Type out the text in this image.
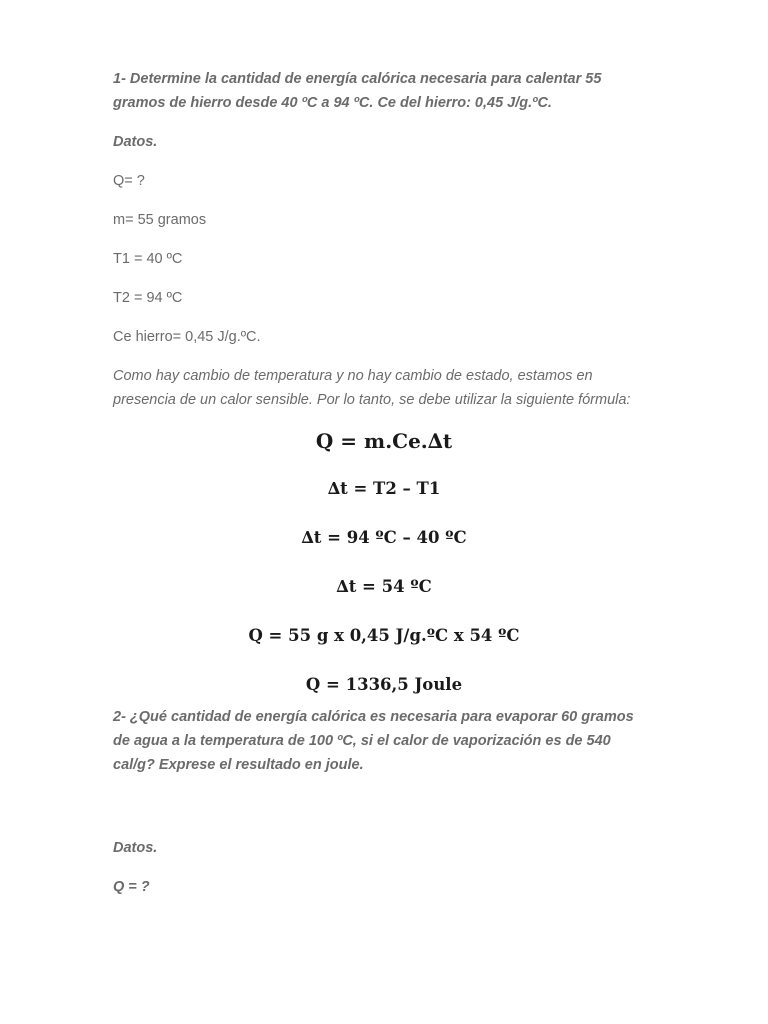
1- Determine la cantidad de energía calórica necesaria para calentar 55 gramos de hierro desde 40 ºC a 94 ºC. Ce del hierro: 0,45 J/g.ºC.

Datos.

Q= ?

m= 55 gramos

T1 = 40 ºC

T2 = 94 ºC

Ce hierro= 0,45 J/g.ºC.

Como hay cambio de temperatura y no hay cambio de estado, estamos en presencia de un calor sensible. Por lo tanto, se debe utilizar la siguiente fórmula:

Q = m.Ce.∆t

∆t = T2 – T1

∆t = 94 ºC – 40 ºC

∆t = 54 ºC

Q = 55 g x 0,45 J/g.ºC x 54 ºC

Q = 1336,5 Joule

2- ¿Qué cantidad de energía calórica es necesaria para evaporar 60 gramos de agua a la temperatura de 100 ºC, si el calor de vaporización es de 540 cal/g? Exprese el resultado en joule.

Datos.

Q = ?
